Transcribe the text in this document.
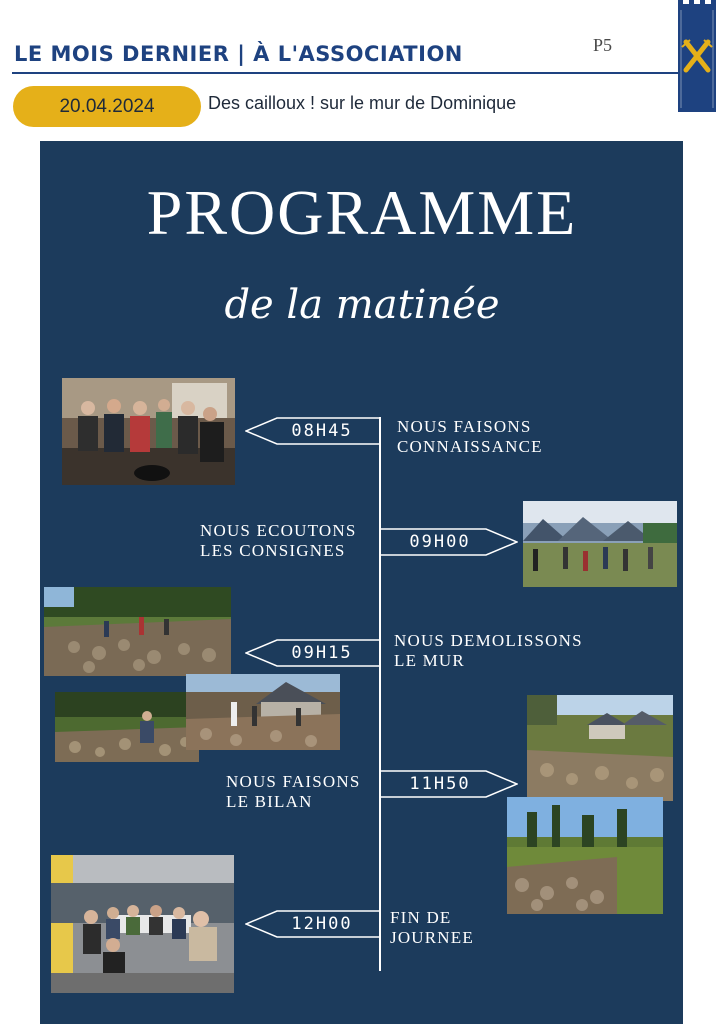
LE MOIS DERNIER | À L'ASSOCIATION	P5
20.04.2024	Des cailloux ! sur le mur de Dominique
PROGRAMME
de la matinée
08H45	NOUS FAISONS
CONNAISSANCE
09H00
NOUS ECOUTONS
LES CONSIGNES
09H15
NOUS DEMOLISSONS
LE MUR
11H50
NOUS FAISONS
LE BILAN
12H00	FIN DE
JOURNEE
